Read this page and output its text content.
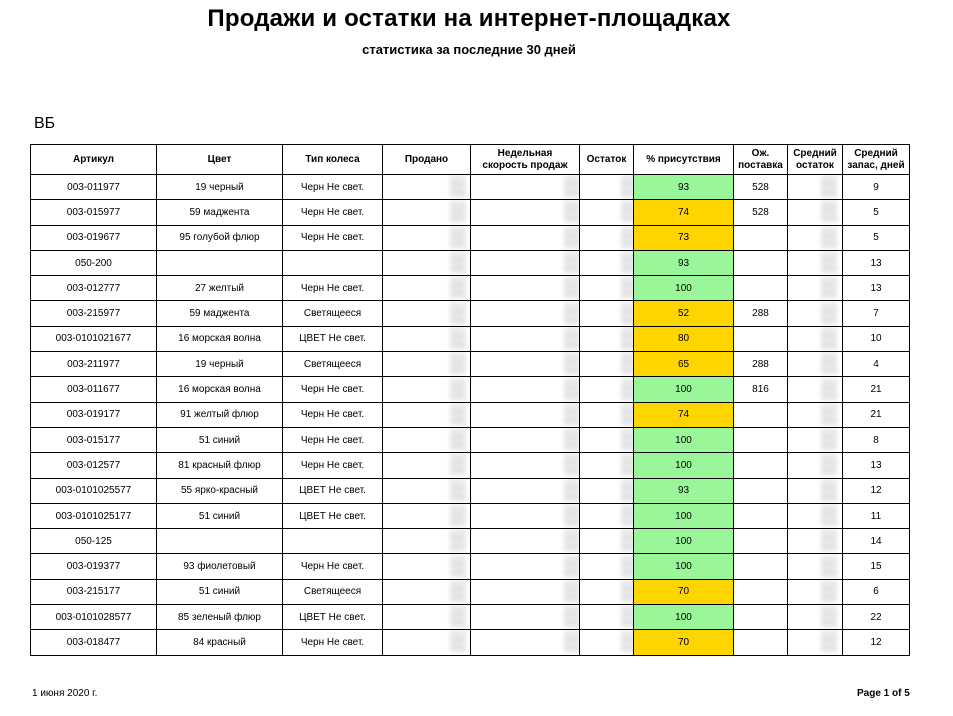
Продажи и остатки на интернет-площадках
статистика за последние 30 дней
ВБ
Артикул	Цвет	Тип колеса	Продано	Недельная скорость продаж	Остаток	% присутствия	Ож. поставка	Средний остаток	Средний запас, дней
003-011977	19 черный	Черн Не свет.				93	528		9
003-015977	59 маджента	Черн Не свет.				74	528		5
003-019677	95 голубой флюр	Черн Не свет.				73			5
050-200						93			13
003-012777	27 желтый	Черн Не свет.				100			13
003-215977	59 маджента	Светящееся				52	288		7
003-0101021677	16 морская волна	ЦВЕТ Не свет.				80			10
003-211977	19 черный	Светящееся				65	288		4
003-011677	16 морская волна	Черн Не свет.				100	816		21
003-019177	91 желтый флюр	Черн Не свет.				74			21
003-015177	51 синий	Черн Не свет.				100			8
003-012577	81 красный флюр	Черн Не свет.				100			13
003-0101025577	55 ярко-красный	ЦВЕТ Не свет.				93			12
003-0101025177	51 синий	ЦВЕТ Не свет.				100			11
050-125						100			14
003-019377	93 фиолетовый	Черн Не свет.				100			15
003-215177	51 синий	Светящееся				70			6
003-0101028577	85 зеленый флюр	ЦВЕТ Не свет.				100			22
003-018477	84 красный	Черн Не свет.				70			12
1 июня 2020 г.	Page 1 of 5
